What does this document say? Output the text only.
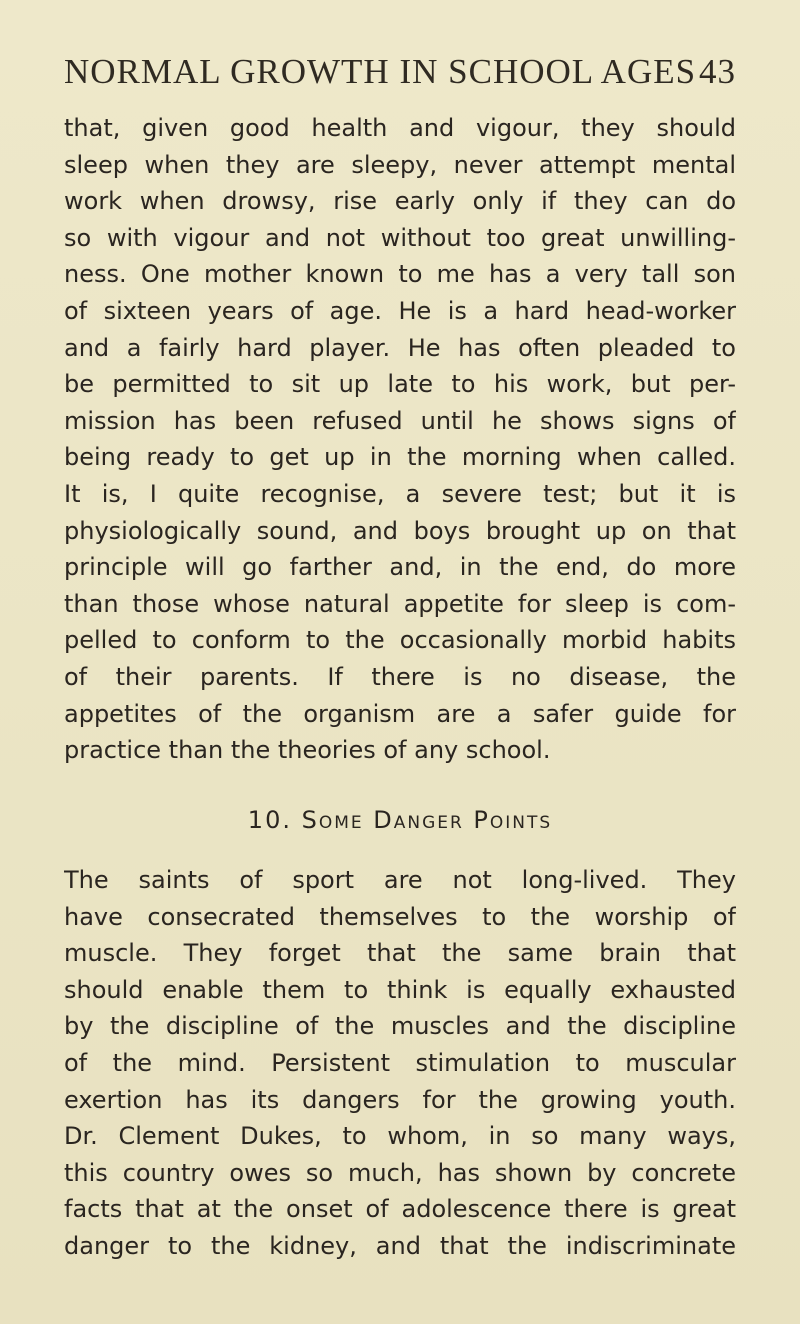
NORMAL GROWTH IN SCHOOL AGES 43
that, given good health and vigour, they should
sleep when they are sleepy, never attempt mental
work when drowsy, rise early only if they can do
so with vigour and not without too great unwilling-
ness. One mother known to me has a very tall son
of sixteen years of age. He is a hard head-worker
and a fairly hard player. He has often pleaded to
be permitted to sit up late to his work, but per-
mission has been refused until he shows signs of
being ready to get up in the morning when called.
It is, I quite recognise, a severe test; but it is
physiologically sound, and boys brought up on that
principle will go farther and, in the end, do more
than those whose natural appetite for sleep is com-
pelled to conform to the occasionally morbid habits
of their parents. If there is no disease, the
appetites of the organism are a safer guide for
practice than the theories of any school.
10. Some Danger Points
The saints of sport are not long-lived. They
have consecrated themselves to the worship of
muscle. They forget that the same brain that
should enable them to think is equally exhausted
by the discipline of the muscles and the discipline
of the mind. Persistent stimulation to muscular
exertion has its dangers for the growing youth.
Dr. Clement Dukes, to whom, in so many ways,
this country owes so much, has shown by concrete
facts that at the onset of adolescence there is great
danger to the kidney, and that the indiscriminate
